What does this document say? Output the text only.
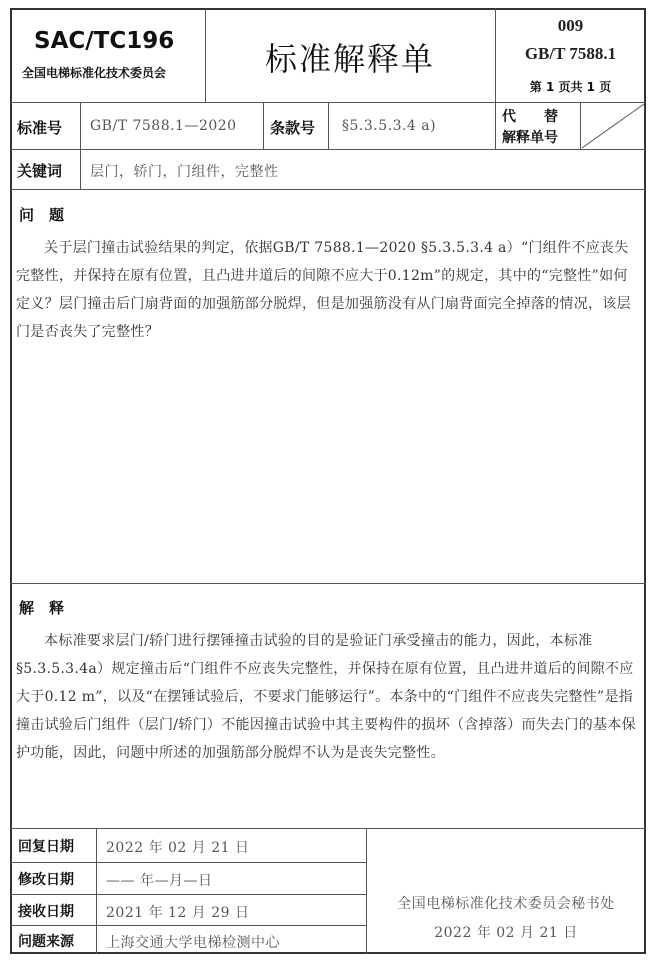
SAC/TC196
全国电梯标准化技术委员会	标准解释单
009
GB/T 7588.1
第 1 页共 1 页
标准号 GB/T 7588.1—2020 条款号 §5.3.5.3.4 a)
代　　替
解释单号
关键词 层门，轿门，门组件，完整性
问　题
关于层门撞击试验结果的判定，依据GB/T 7588.1—2020 §5.3.5.3.4 a）“门组件不应丧失完整性，并保持在原有位置，且凸进井道后的间隙不应大于0.12m”的规定，其中的“完整性”如何定义？层门撞击后门扇背面的加强筋部分脱焊，但是加强筋没有从门扇背面完全掉落的情况，该层门是否丧失了完整性？
解　释
本标准要求层门/轿门进行摆锤撞击试验的目的是验证门承受撞击的能力，因此，本标准§5.3.5.3.4a）规定撞击后“门组件不应丧失完整性，并保持在原有位置，且凸进井道后的间隙不应大于0.12 m”，以及“在摆锤试验后，不要求门能够运行”。本条中的“门组件不应丧失完整性”是指撞击试验后门组件（层门/轿门）不能因撞击试验中其主要构件的损坏（含掉落）而失去门的基本保护功能，因此，问题中所述的加强筋部分脱焊不认为是丧失完整性。
回复日期 2022 年 02 月 21 日
修改日期 —— 年—月—日
接收日期 2021 年 12 月 29 日
问题来源 上海交通大学电梯检测中心
全国电梯标准化技术委员会秘书处
2022 年 02 月 21 日
